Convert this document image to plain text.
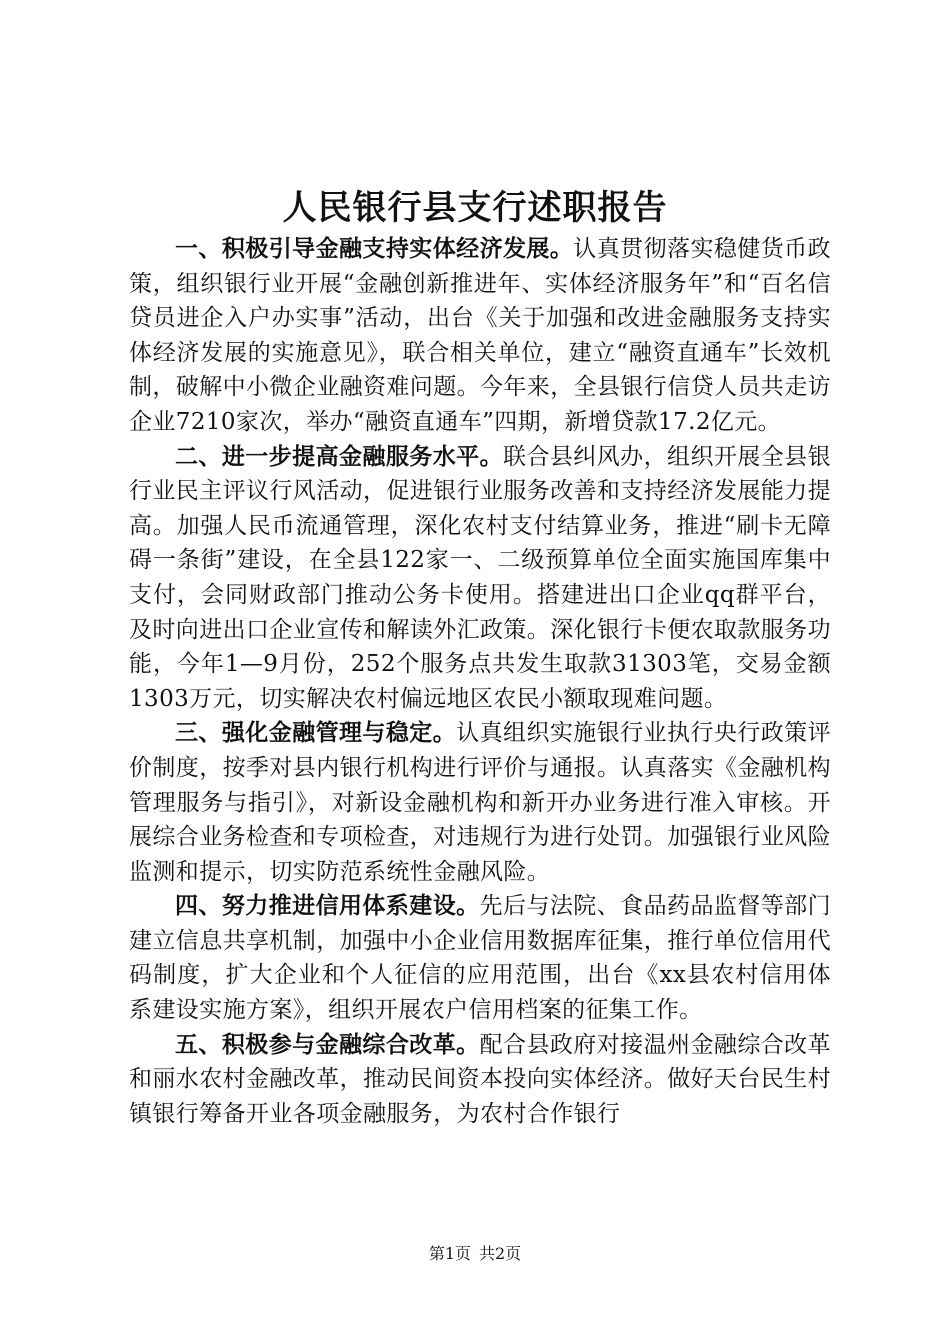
人民银行县支行述职报告

一、积极引导金融支持实体经济发展。认真贯彻落实稳健货币政策，组织银行业开展“金融创新推进年、实体经济服务年”和“百名信贷员进企入户办实事”活动，出台《关于加强和改进金融服务支持实体经济发展的实施意见》，联合相关单位，建立“融资直通车”长效机制，破解中小微企业融资难问题。今年来，全县银行信贷人员共走访企业7210家次，举办“融资直通车”四期，新增贷款17.2亿元。

二、进一步提高金融服务水平。联合县纠风办，组织开展全县银行业民主评议行风活动，促进银行业服务改善和支持经济发展能力提高。加强人民币流通管理，深化农村支付结算业务，推进“刷卡无障碍一条街”建设，在全县122家一、二级预算单位全面实施国库集中支付，会同财政部门推动公务卡使用。搭建进出口企业qq群平台，及时向进出口企业宣传和解读外汇政策。深化银行卡便农取款服务功能，今年1—9月份，252个服务点共发生取款31303笔，交易金额1303万元，切实解决农村偏远地区农民小额取现难问题。

三、强化金融管理与稳定。认真组织实施银行业执行央行政策评价制度，按季对县内银行机构进行评价与通报。认真落实《金融机构管理服务与指引》，对新设金融机构和新开办业务进行准入审核。开展综合业务检查和专项检查，对违规行为进行处罚。加强银行业风险监测和提示，切实防范系统性金融风险。

四、努力推进信用体系建设。先后与法院、食品药品监督等部门建立信息共享机制，加强中小企业信用数据库征集，推行单位信用代码制度，扩大企业和个人征信的应用范围，出台《xx县农村信用体系建设实施方案》，组织开展农户信用档案的征集工作。

五、积极参与金融综合改革。配合县政府对接温州金融综合改革和丽水农村金融改革，推动民间资本投向实体经济。做好天台民生村镇银行筹备开业各项金融服务，为农村合作银行

第1页 共2页
